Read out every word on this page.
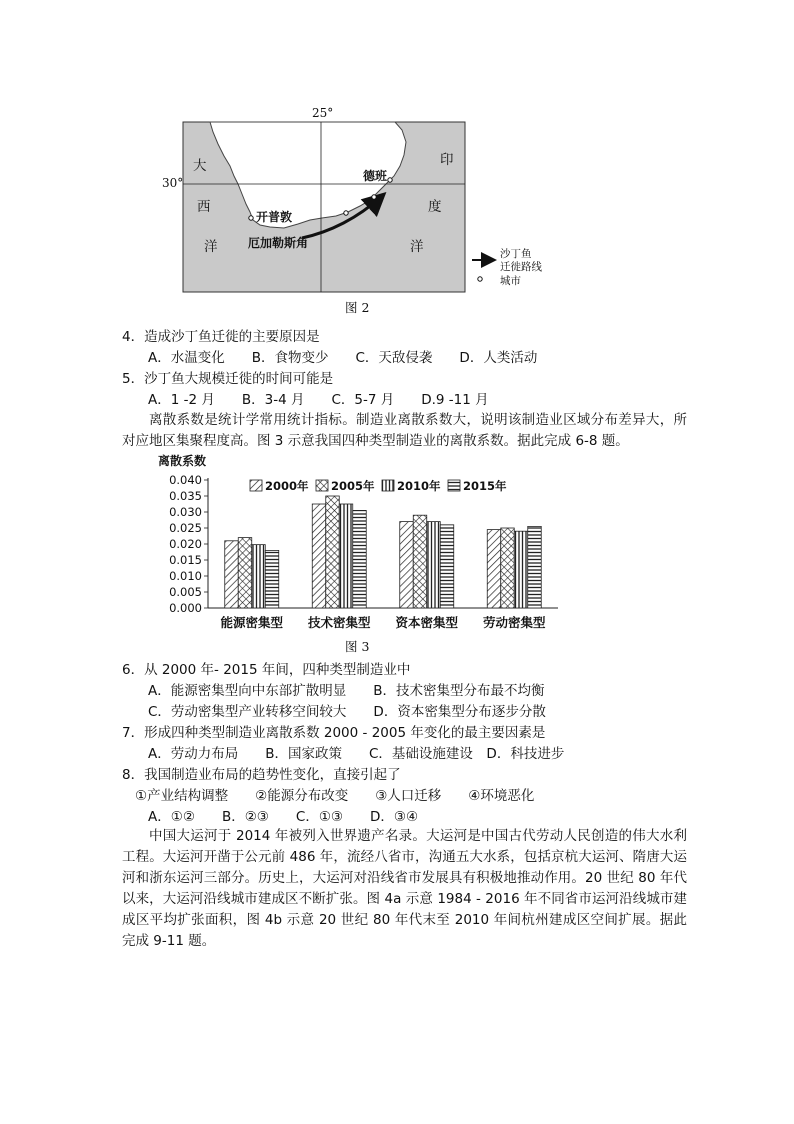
25°
30°
大
西
洋
印
度
洋
德班
开普敦
厄加勒斯角
沙丁鱼
迁徙路线
城市
图 2
4．造成沙丁鱼迁徙的主要原因是
A．水温变化　　B．食物变少　　C．天敌侵袭　　D．人类活动
5．沙丁鱼大规模迁徙的时间可能是
A．1 -2 月　　B．3-4 月　　C．5-7 月　　D.9 -11 月
离散系数是统计学常用统计指标。制造业离散系数大，说明该制造业区域分布差异大，所对应地区集聚程度高。图 3 示意我国四种类型制造业的离散系数。据此完成 6-8 题。
离散系数
0.040
0.035
0.030
0.025
0.020
0.015
0.010
0.005
0.000
能源密集型 技术密集型 资本密集型 劳动密集型
2000年 2005年 2010年 2015年
图 3
6．从 2000 年- 2015 年间，四种类型制造业中
A．能源密集型向中东部扩散明显　　B．技术密集型分布最不均衡
C．劳动密集型产业转移空间较大　　D．资本密集型分布逐步分散
7．形成四种类型制造业离散系数 2000 - 2005 年变化的最主要因素是
A．劳动力布局　　B．国家政策　　C．基础设施建设　D．科技进步
8．我国制造业布局的趋势性变化，直接引起了
①产业结构调整　　②能源分布改变　　③人口迁移　　④环境恶化
A．①②　　B．②③　　C．①③　　D．③④
中国大运河于 2014 年被列入世界遗产名录。大运河是中国古代劳动人民创造的伟大水利工程。大运河开凿于公元前 486 年，流经八省市，沟通五大水系，包括京杭大运河、隋唐大运河和浙东运河三部分。历史上，大运河对沿线省市发展具有积极地推动作用。20 世纪 80 年代以来，大运河沿线城市建成区不断扩张。图 4a 示意 1984 - 2016 年不同省市运河沿线城市建成区平均扩张面积，图 4b 示意 20 世纪 80 年代末至 2010 年间杭州建成区空间扩展。据此完成 9-11 题。
